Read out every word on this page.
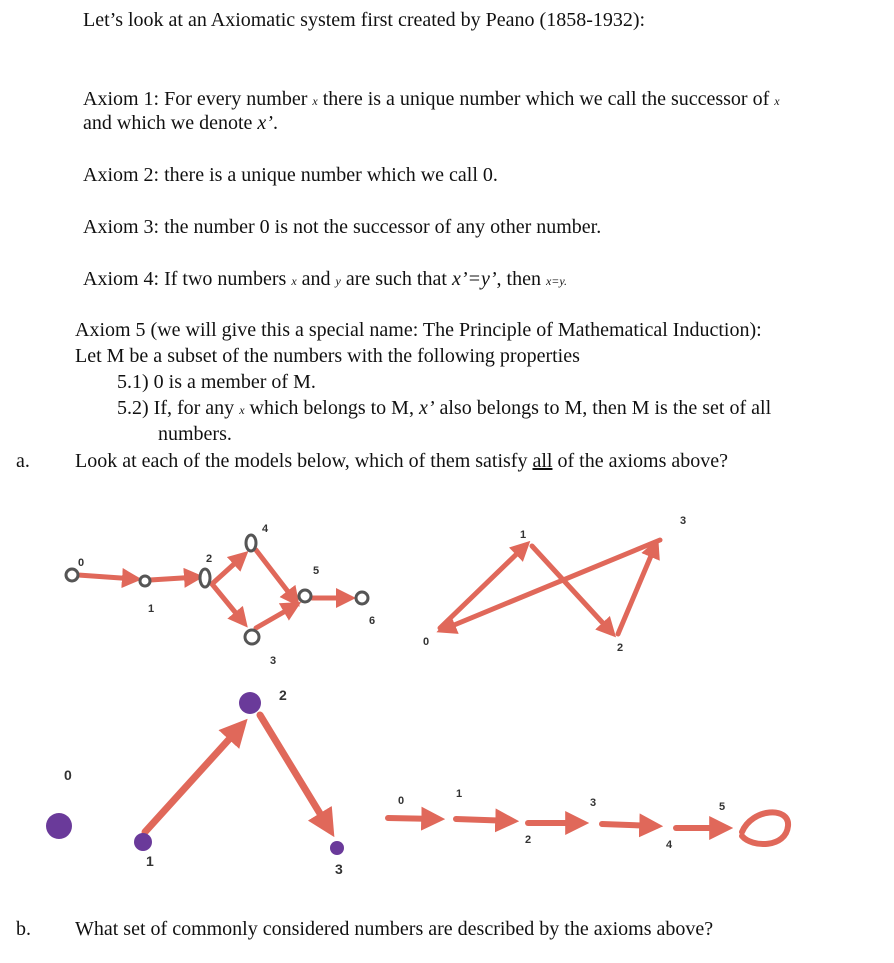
Let’s look at an Axiomatic system first created by Peano (1858-1932):
Axiom 1: For every number x there is a unique number which we call the successor of x
and which we denote x’.
Axiom 2: there is a unique number which we call 0.
Axiom 3: the number 0 is not the successor of any other number.
Axiom 4: If two numbers x and y are such that x’=y’, then x=y.
Axiom 5 (we will give this a special name: The Principle of Mathematical Induction):
Let M be a subset of the numbers with the following properties
5.1) 0 is a member of M.
5.2) If, for any x which belongs to M, x’ also belongs to M, then M is the set of all
numbers.
a. Look at each of the models below, which of them satisfy all of the axioms above?
0
1
2
3
4
5
6
0
1
2
3
0
1
2
3
0
1
2
3
4
5
b. What set of commonly considered numbers are described by the axioms above?
